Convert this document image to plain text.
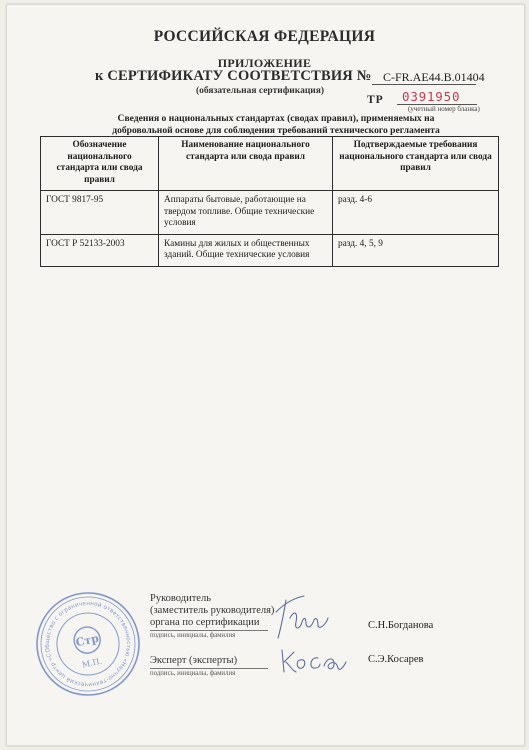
РОССИЙСКАЯ ФЕДЕРАЦИЯ
ПРИЛОЖЕНИЕ
к СЕРТИФИКАТУ СООТВЕТСТВИЯ № C-FR.AE44.B.01404
(обязательная сертификация)
ТР 0391950
(учетный номер бланка)
Сведения о национальных стандартах (сводах правил), применяемых на добровольной основе для соблюдения требований технического регламента
Обозначение национального стандарта или свода правил	Наименование национального стандарта или свода правил	Подтверждаемые требования национального стандарта или свода правил
ГОСТ 9817-95	Аппараты бытовые, работающие на твердом топливе. Общие технические условия	разд. 4-6
ГОСТ Р 52133-2003	Камины для жилых и общественных зданий. Общие технические условия	разд. 4, 5, 9
Общество с ограниченной ответственностью «Научно-технический центр «Сертификация»
Стр
М.П.
Руководитель
(заместитель руководителя)
органа по сертификации
подпись, инициалы, фамилия
С.Н.Богданова
Эксперт (эксперты)
подпись, инициалы, фамилия
С.Э.Косарев
